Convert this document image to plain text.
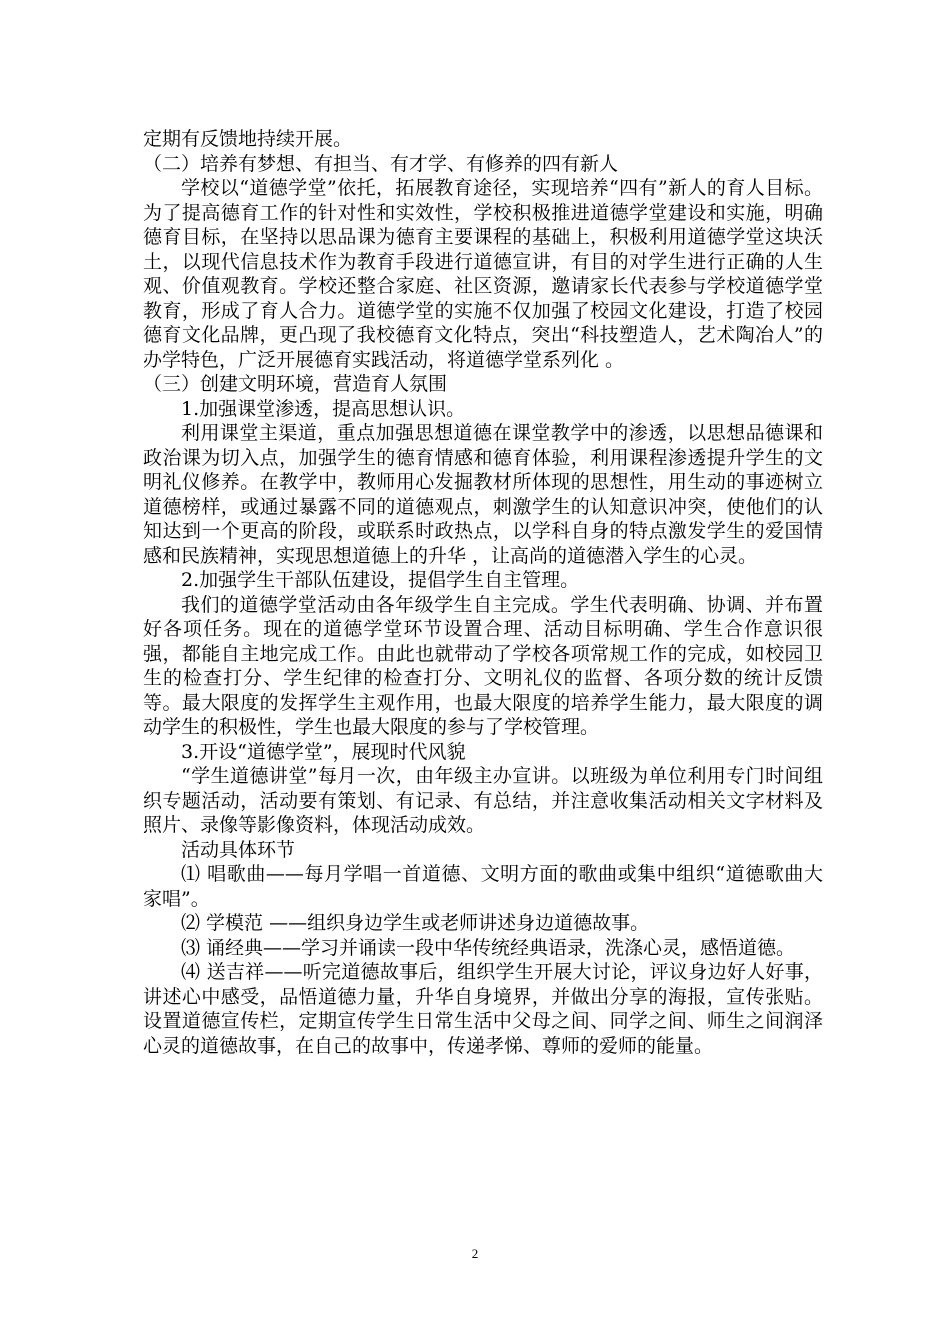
定期有反馈地持续开展。

（二）培养有梦想、有担当、有才学、有修养的四有新人

学校以“道德学堂”依托，拓展教育途径，实现培养“四有”新人的育人目标。为了提高德育工作的针对性和实效性，学校积极推进道德学堂建设和实施，明确德育目标，在坚持以思品课为德育主要课程的基础上，积极利用道德学堂这块沃土，以现代信息技术作为教育手段进行道德宣讲，有目的对学生进行正确的人生观、价值观教育。学校还整合家庭、社区资源，邀请家长代表参与学校道德学堂教育，形成了育人合力。道德学堂的实施不仅加强了校园文化建设，打造了校园德育文化品牌，更凸现了我校德育文化特点，突出“科技塑造人，艺术陶冶人”的办学特色，广泛开展德育实践活动，将道德学堂系列化 。

（三）创建文明环境，营造育人氛围

1.加强课堂渗透，提高思想认识。

利用课堂主渠道，重点加强思想道德在课堂教学中的渗透，以思想品德课和政治课为切入点，加强学生的德育情感和德育体验，利用课程渗透提升学生的文明礼仪修养。在教学中，教师用心发掘教材所体现的思想性，用生动的事迹树立道德榜样，或通过暴露不同的道德观点，刺激学生的认知意识冲突，使他们的认知达到一个更高的阶段，或联系时政热点，以学科自身的特点激发学生的爱国情感和民族精神，实现思想道德上的升华 ，让高尚的道德潜入学生的心灵。

2.加强学生干部队伍建设，提倡学生自主管理。

我们的道德学堂活动由各年级学生自主完成。学生代表明确、协调、并布置好各项任务。现在的道德学堂环节设置合理、活动目标明确、学生合作意识很强，都能自主地完成工作。由此也就带动了学校各项常规工作的完成，如校园卫生的检查打分、学生纪律的检查打分、文明礼仪的监督、各项分数的统计反馈等。最大限度的发挥学生主观作用，也最大限度的培养学生能力，最大限度的调动学生的积极性，学生也最大限度的参与了学校管理。

3.开设“道德学堂”，展现时代风貌

“学生道德讲堂”每月一次，由年级主办宣讲。以班级为单位利用专门时间组织专题活动，活动要有策划、有记录、有总结，并注意收集活动相关文字材料及照片、录像等影像资料，体现活动成效。

活动具体环节

⑴ 唱歌曲——每月学唱一首道德、文明方面的歌曲或集中组织“道德歌曲大家唱”。

⑵ 学模范 ——组织身边学生或老师讲述身边道德故事。

⑶ 诵经典——学习并诵读一段中华传统经典语录，洗涤心灵，感悟道德。

⑷ 送吉祥——听完道德故事后，组织学生开展大讨论，评议身边好人好事，讲述心中感受，品悟道德力量，升华自身境界，并做出分享的海报，宣传张贴。设置道德宣传栏，定期宣传学生日常生活中父母之间、同学之间、师生之间润泽心灵的道德故事，在自己的故事中，传递孝悌、尊师的爱师的能量。

2
